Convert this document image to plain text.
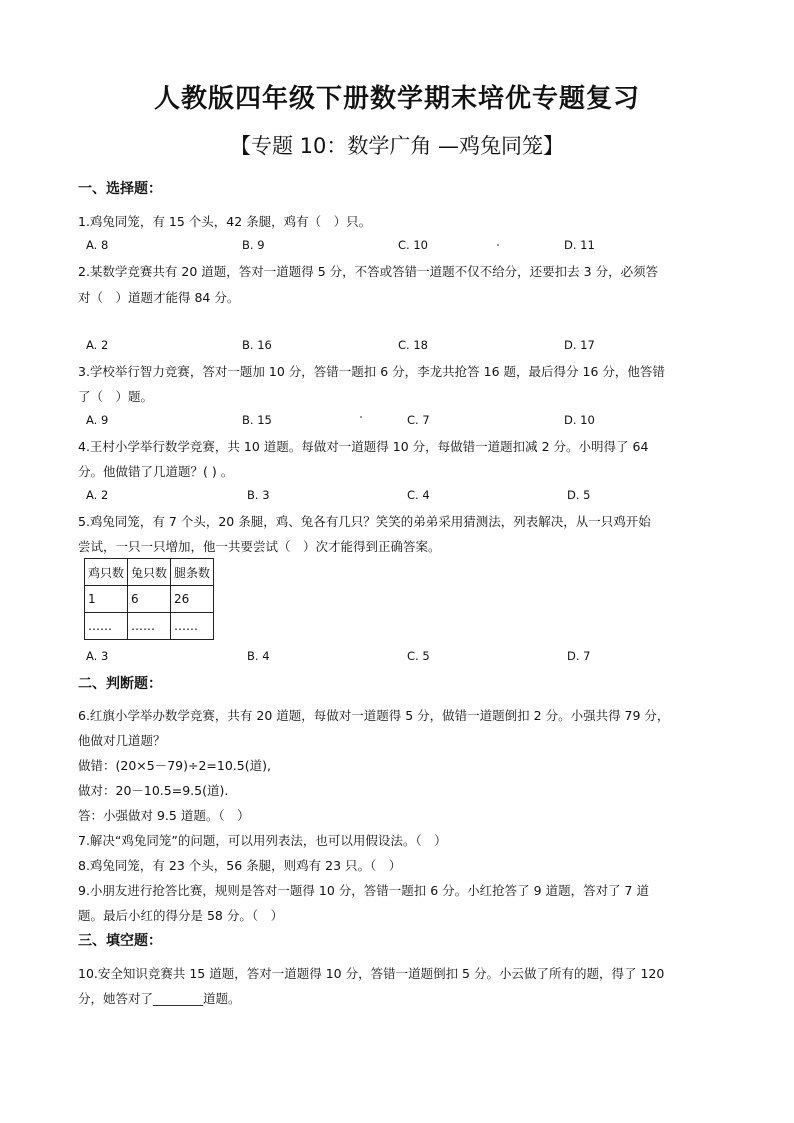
人教版四年级下册数学期末培优专题复习
【专题 10：数学广角 —鸡兔同笼】
一、选择题：
1.鸡兔同笼，有 15 个头，42 条腿，鸡有（　）只。
A. 8	B. 9	C. 10	D. 11
2.某数学竞赛共有 20 道题，答对一道题得 5 分，不答或答错一道题不仅不给分，还要扣去 3 分，必须答
对（　）道题才能得 84 分。
A. 2	B. 16	C. 18	D. 17
3.学校举行智力竞赛，答对一题加 10 分，答错一题扣 6 分，李龙共抢答 16 题，最后得分 16 分，他答错
了（　）题。
A. 9	B. 15	C. 7	D. 10
4.王村小学举行数学竞赛，共 10 道题。每做对一道题得 10 分，每做错一道题扣减 2 分。小明得了 64
分。他做错了几道题？( ) 。
A. 2	B. 3	C. 4	D. 5
5.鸡兔同笼，有 7 个头，20 条腿，鸡、兔各有几只？笑笑的弟弟采用猜测法，列表解决，从一只鸡开始
尝试，一只一只增加，他一共要尝试（　）次才能得到正确答案。
鸡只数	兔只数	腿条数
1	6	26
……	……	……
A. 3	B. 4	C. 5	D. 7
二、判断题：
6.红旗小学举办数学竞赛，共有 20 道题，每做对一道题得 5 分，做错一道题倒扣 2 分。小强共得 79 分，
他做对几道题？
做错：(20×5－79)÷2=10.5(道),
做对：20－10.5=9.5(道).
答：小强做对 9.5 道题。（　）
7.解决“鸡兔同笼”的问题，可以用列表法，也可以用假设法。（　）
8.鸡兔同笼，有 23 个头，56 条腿，则鸡有 23 只。（　）
9.小朋友进行抢答比赛，规则是答对一题得 10 分，答错一题扣 6 分。小红抢答了 9 道题，答对了 7 道
题。最后小红的得分是 58 分。（　）
三、填空题：
10.安全知识竞赛共 15 道题，答对一道题得 10 分，答错一道题倒扣 5 分。小云做了所有的题，得了 120
分，她答对了________道题。
